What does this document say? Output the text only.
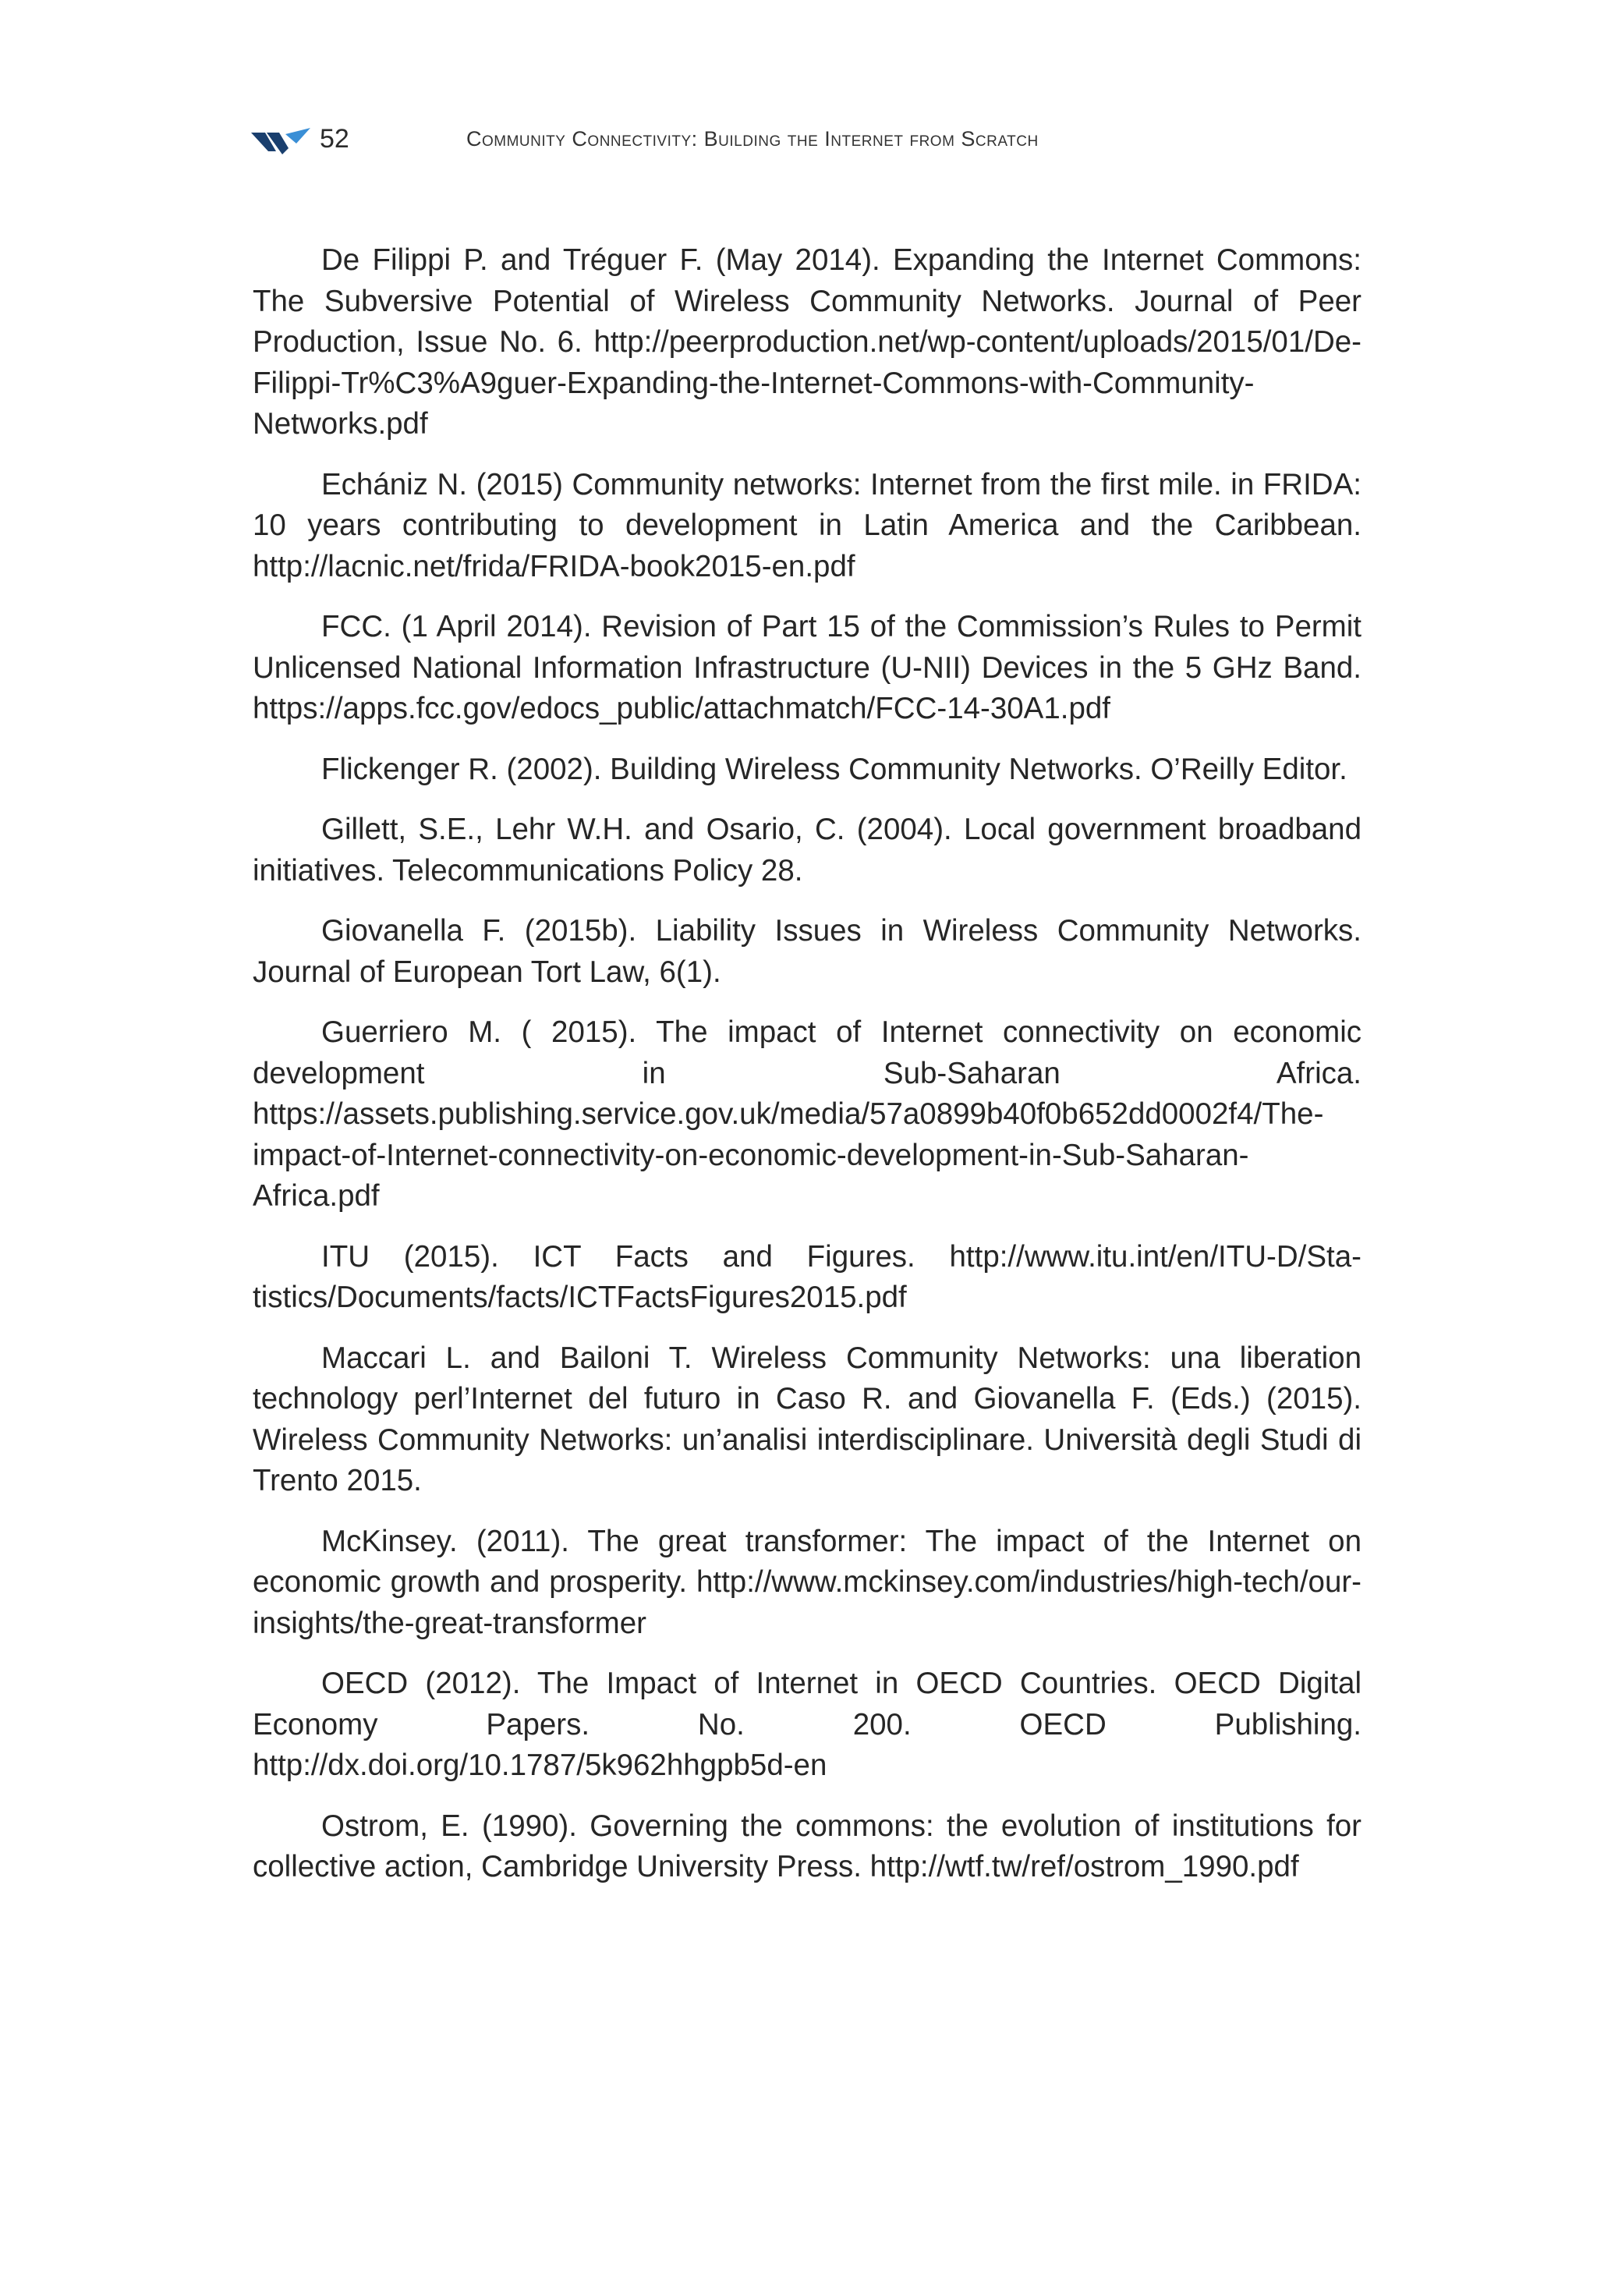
52	Community Connectivity: Building the Internet from Scratch

De Filippi P. and Tréguer F. (May 2014). Expanding the Internet Commons: The Subversive Potential of Wireless Community Networks. Journal of Peer Production, Issue No. 6. http://peerproduction.net/wp-content/uploads/2015/01/De-Filippi-Tr%C3%A9guer-Expanding-the-Internet-Commons-with-Community-Networks.pdf

Echániz N. (2015) Community networks: Internet from the first mile. in FRIDA: 10 years contributing to development in Latin America and the Caribbean. http://lacnic.net/frida/FRIDA-book2015-en.pdf

FCC. (1 April 2014). Revision of Part 15 of the Commission’s Rules to Permit Unlicensed National Information Infrastructure (U-NII) Devices in the 5 GHz Band. https://apps.fcc.gov/edocs_public/attachmatch/FCC-14-30A1.pdf

Flickenger R. (2002). Building Wireless Community Networks. O’Reilly Editor.

Gillett, S.E., Lehr W.H. and Osario, C. (2004). Local government broadband initiatives. Telecommunications Policy 28.

Giovanella F. (2015b). Liability Issues in Wireless Community Networks. Journal of European Tort Law, 6(1).

Guerriero M. ( 2015). The impact of Internet connectivity on economic development in Sub-Saharan Africa. https://assets.publishing.service.gov.uk/media/57a0899b40f0b652dd0002f4/The-impact-of-Internet-connectivity-on-economic-development-in-Sub-Saharan-Africa.pdf

ITU (2015). ICT Facts and Figures. http://www.itu.int/en/ITU-D/Statistics/Documents/facts/ICTFactsFigures2015.pdf

Maccari L. and Bailoni T. Wireless Community Networks: una liberation technology perl’Internet del futuro in Caso R. and Giovanella F. (Eds.) (2015). Wireless Community Networks: un’analisi interdisciplinare. Università degli Studi di Trento 2015.

McKinsey. (2011). The great transformer: The impact of the Internet on economic growth and prosperity. http://www.mckinsey.com/industries/high-tech/our-insights/the-great-transformer

OECD (2012). The Impact of Internet in OECD Countries. OECD Digital Economy Papers. No. 200. OECD Publishing. http://dx.doi.org/10.1787/5k962hhgpb5d-en

Ostrom, E. (1990). Governing the commons: the evolution of institutions for collective action, Cambridge University Press. http://wtf.tw/ref/ostrom_1990.pdf
